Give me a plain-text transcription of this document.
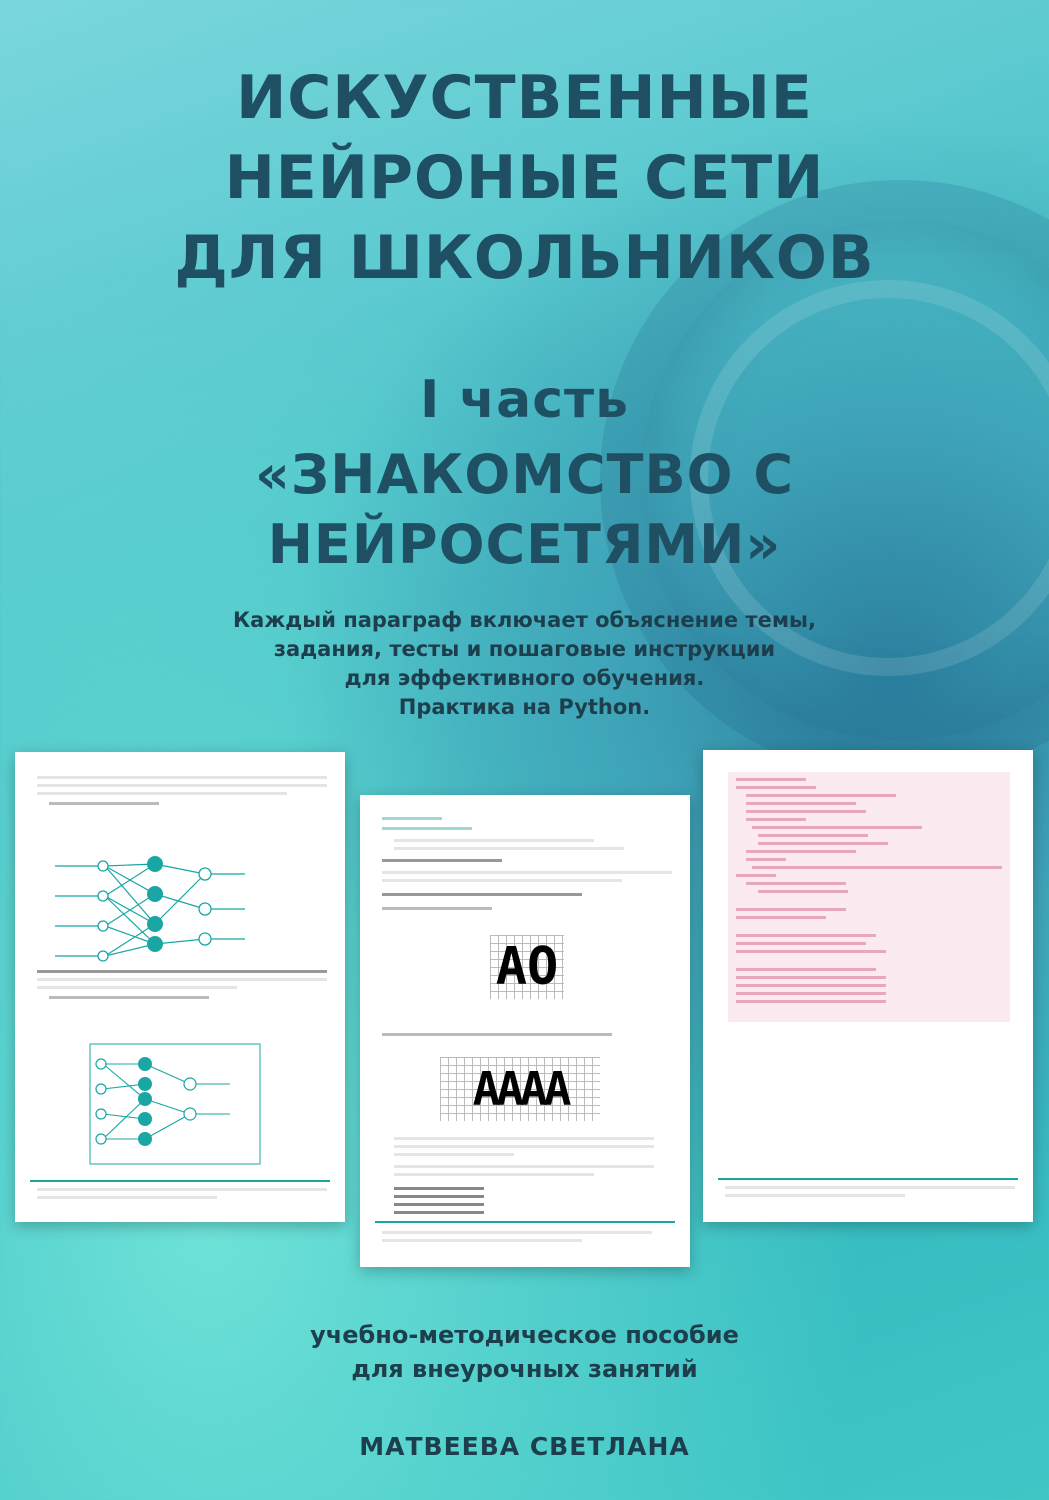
ИСКУСТВЕННЫЕ
НЕЙРОНЫЕ СЕТИ
ДЛЯ ШКОЛЬНИКОВ
I часть
«ЗНАКОМСТВО С
НЕЙРОСЕТЯМИ»
Каждый параграф включает объяснение темы,
задания, тесты и пошаговые инструкции
для эффективного обучения.
Практика на Python.
АО
АААА
учебно-методическое пособие
для внеурочных занятий
МАТВЕЕВА СВЕТЛАНА
